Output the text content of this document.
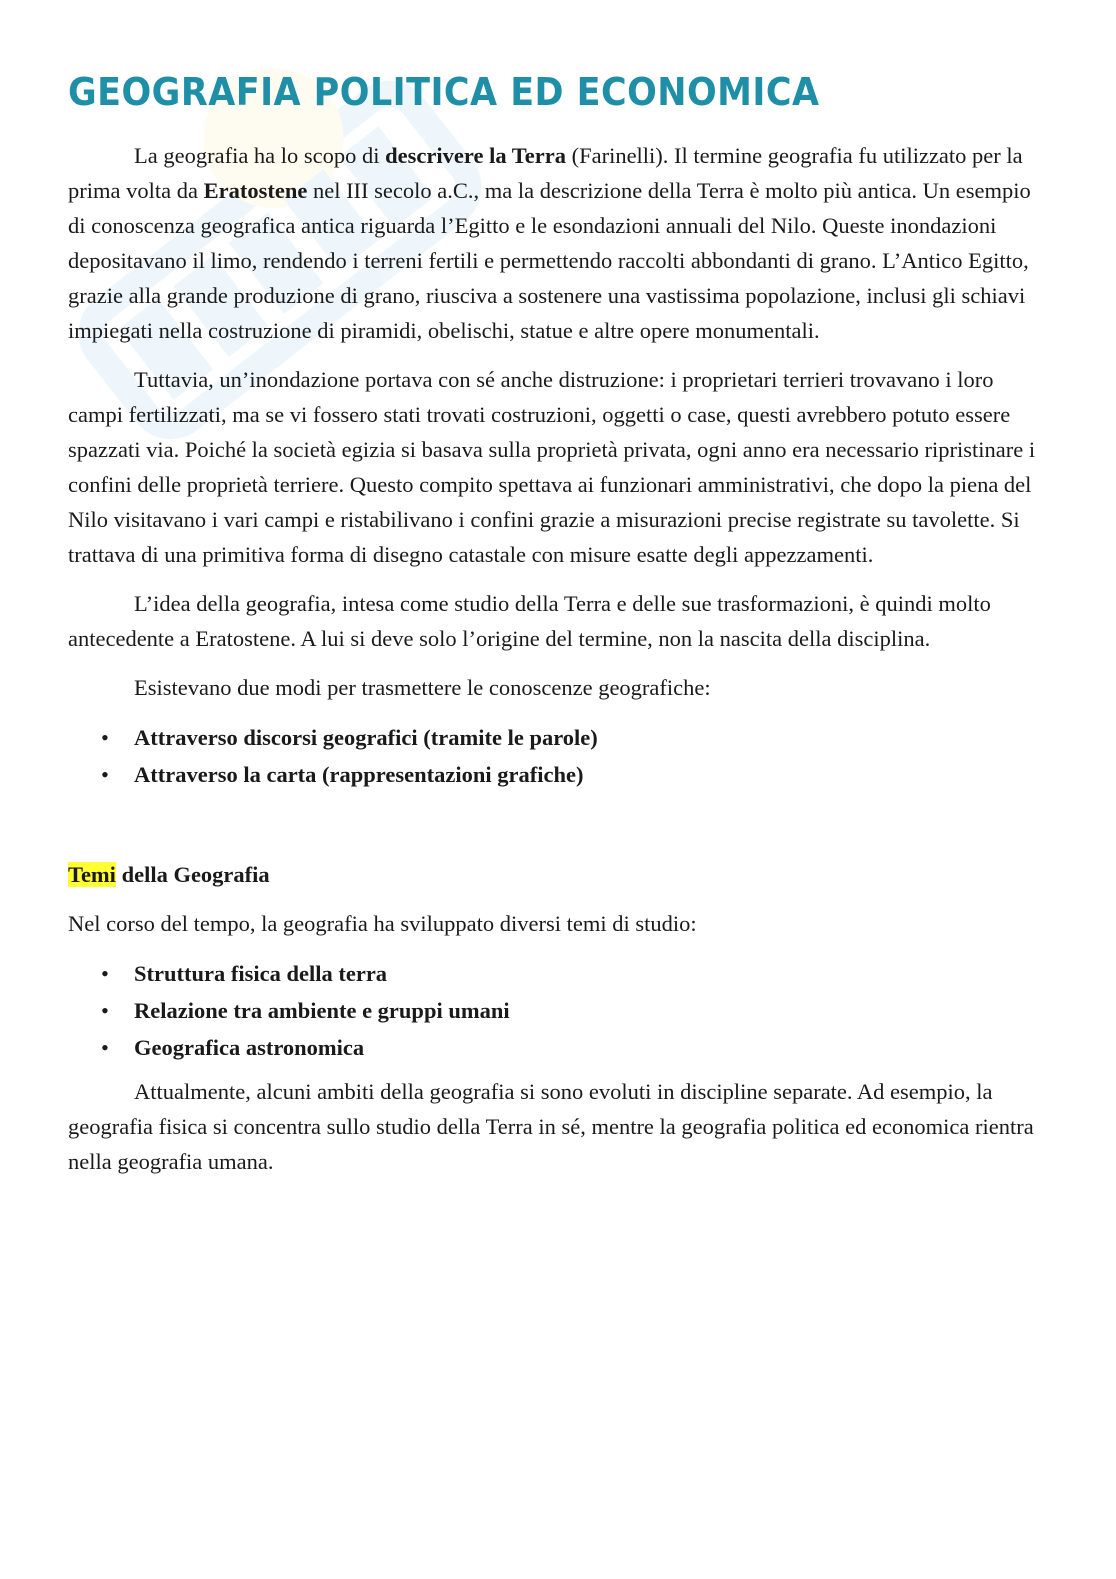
GEOGRAFIA POLITICA ED ECONOMICA

La geografia ha lo scopo di descrivere la Terra (Farinelli). Il termine geografia fu utilizzato per la prima volta da Eratostene nel III secolo a.C., ma la descrizione della Terra è molto più antica. Un esempio di conoscenza geografica antica riguarda l’Egitto e le esondazioni annuali del Nilo. Queste inondazioni depositavano il limo, rendendo i terreni fertili e permettendo raccolti abbondanti di grano. L’Antico Egitto, grazie alla grande produzione di grano, riusciva a sostenere una vastissima popolazione, inclusi gli schiavi impiegati nella costruzione di piramidi, obelischi, statue e altre opere monumentali.

Tuttavia, un’inondazione portava con sé anche distruzione: i proprietari terrieri trovavano i loro campi fertilizzati, ma se vi fossero stati trovati costruzioni, oggetti o case, questi avrebbero potuto essere spazzati via. Poiché la società egizia si basava sulla proprietà privata, ogni anno era necessario ripristinare i confini delle proprietà terriere. Questo compito spettava ai funzionari amministrativi, che dopo la piena del Nilo visitavano i vari campi e ristabilivano i confini grazie a misurazioni precise registrate su tavolette. Si trattava di una primitiva forma di disegno catastale con misure esatte degli appezzamenti.

L’idea della geografia, intesa come studio della Terra e delle sue trasformazioni, è quindi molto antecedente a Eratostene. A lui si deve solo l’origine del termine, non la nascita della disciplina.

Esistevano due modi per trasmettere le conoscenze geografiche:

• Attraverso discorsi geografici (tramite le parole)
• Attraverso la carta (rappresentazioni grafiche)
Temi della Geografia

Nel corso del tempo, la geografia ha sviluppato diversi temi di studio:

• Struttura fisica della terra
• Relazione tra ambiente e gruppi umani
• Geografica astronomica

Attualmente, alcuni ambiti della geografia si sono evoluti in discipline separate. Ad esempio, la geografia fisica si concentra sullo studio della Terra in sé, mentre la geografia politica ed economica rientra nella geografia umana.
